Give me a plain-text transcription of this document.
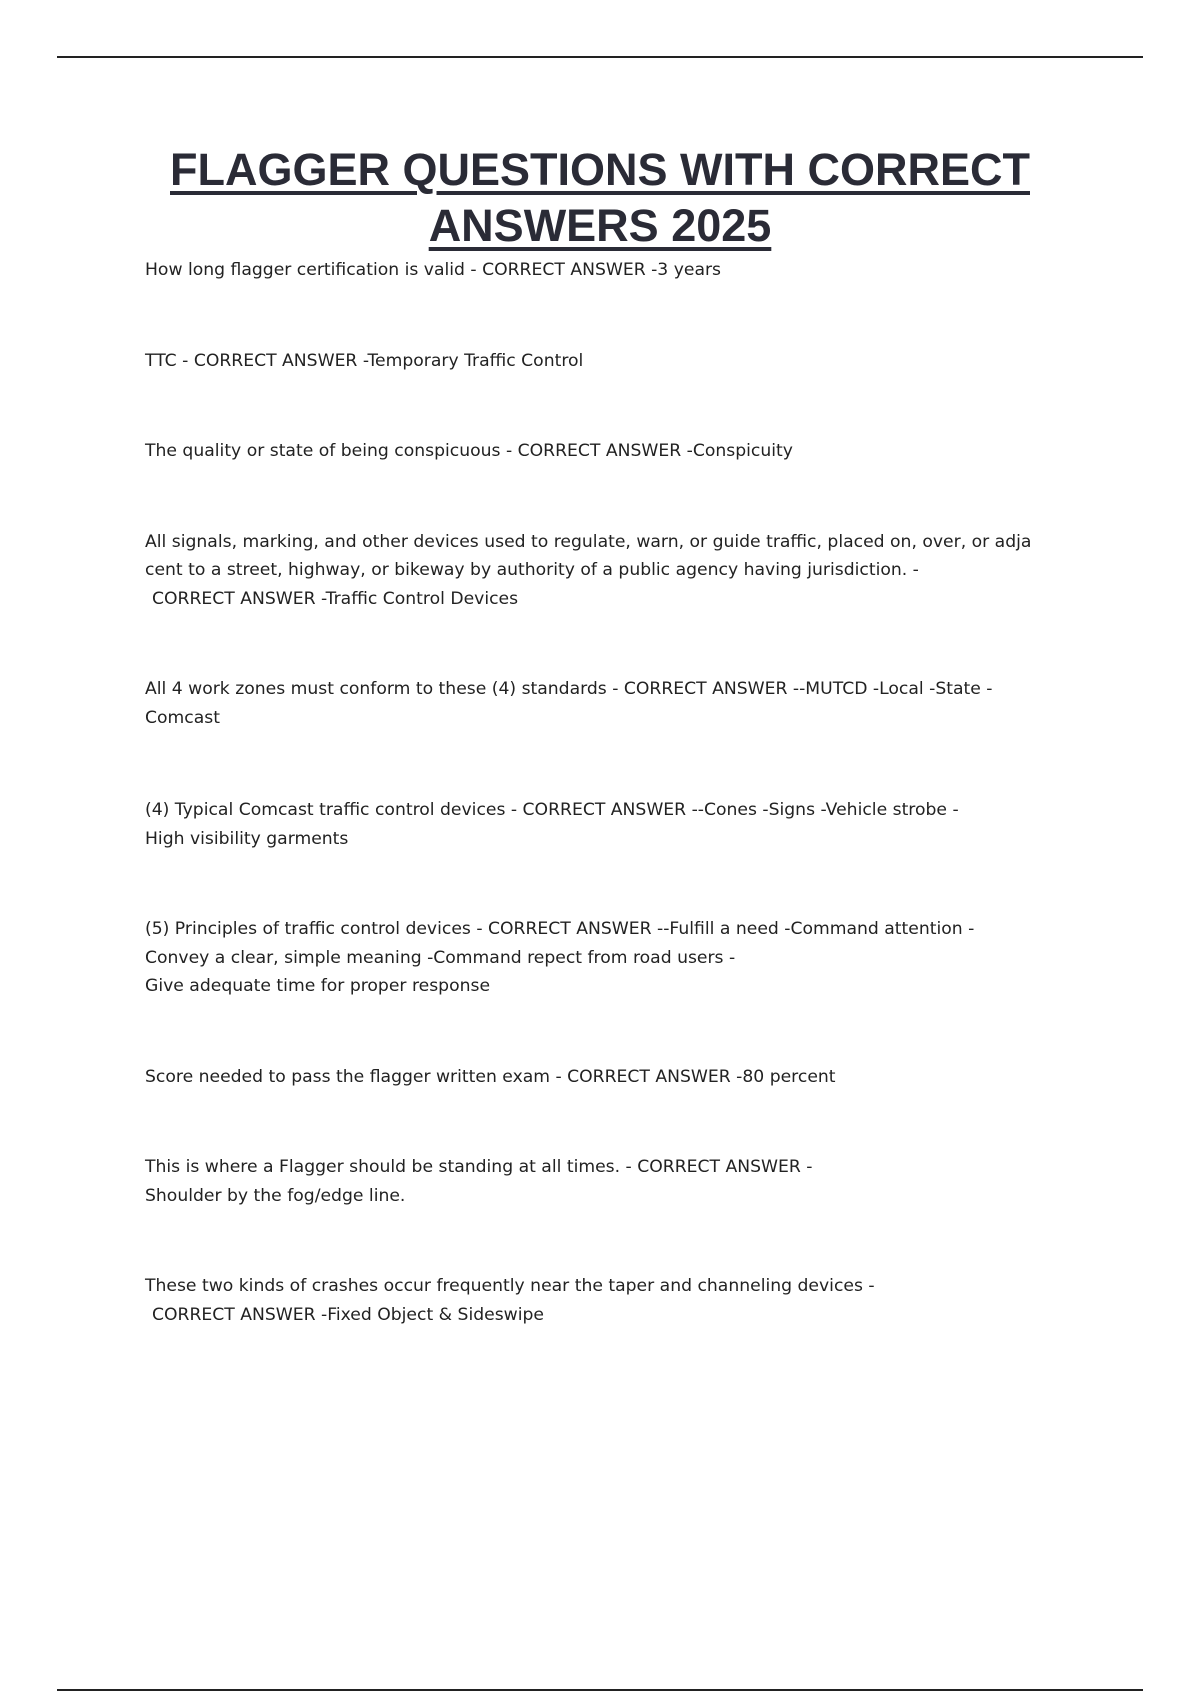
FLAGGER QUESTIONS WITH CORRECT
ANSWERS 2025
How long flagger certification is valid - CORRECT ANSWER -3 years
TTC - CORRECT ANSWER -Temporary Traffic Control
The quality or state of being conspicuous - CORRECT ANSWER -Conspicuity
All signals, marking, and other devices used to regulate, warn, or guide traffic, placed on, over, or adja
cent to a street, highway, or bikeway by authority of a public agency having jurisdiction. -
CORRECT ANSWER -Traffic Control Devices
All 4 work zones must conform to these (4) standards - CORRECT ANSWER --MUTCD -Local -State -
Comcast
(4) Typical Comcast traffic control devices - CORRECT ANSWER --Cones -Signs -Vehicle strobe -
High visibility garments
(5) Principles of traffic control devices - CORRECT ANSWER --Fulfill a need -Command attention -
Convey a clear, simple meaning -Command repect from road users -
Give adequate time for proper response
Score needed to pass the flagger written exam - CORRECT ANSWER -80 percent
This is where a Flagger should be standing at all times. - CORRECT ANSWER -
Shoulder by the fog/edge line.
These two kinds of crashes occur frequently near the taper and channeling devices -
CORRECT ANSWER -Fixed Object & Sideswipe
